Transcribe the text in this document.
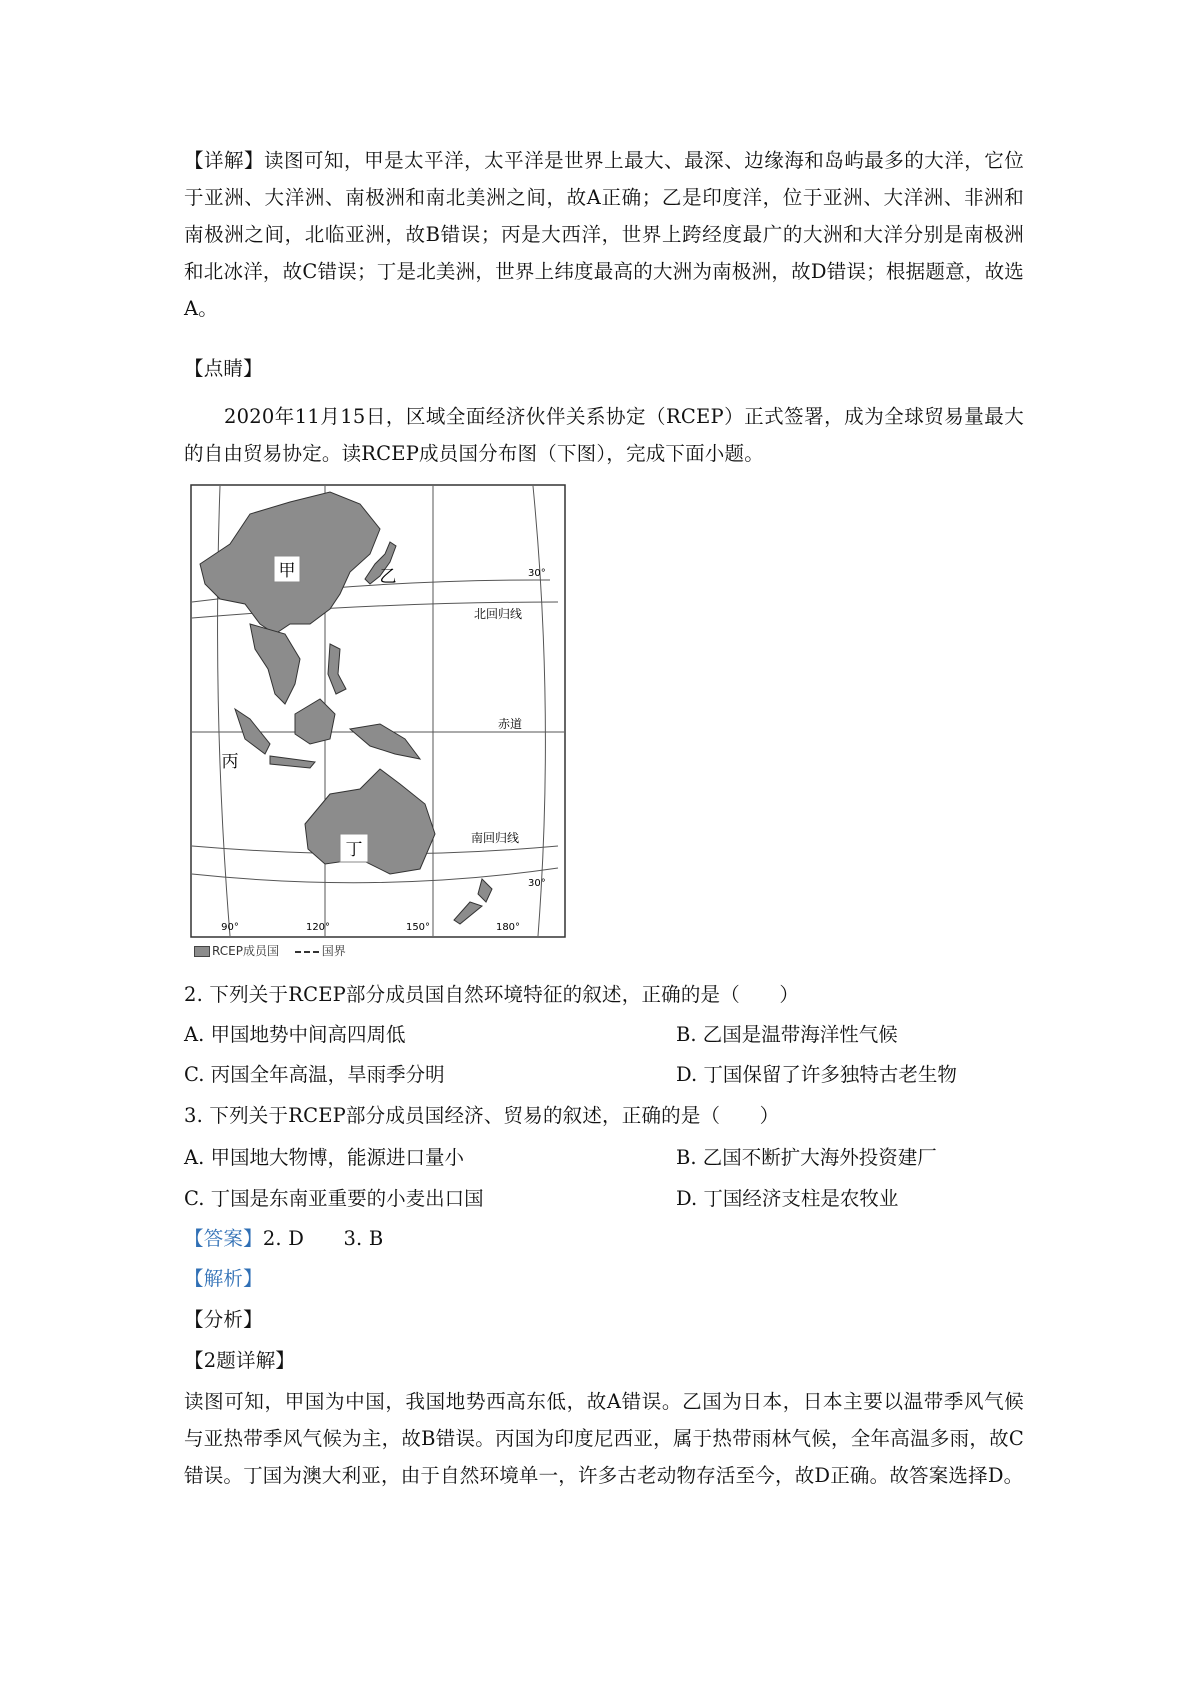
【详解】读图可知，甲是太平洋，太平洋是世界上最大、最深、边缘海和岛屿最多的大洋，它位于亚洲、大洋洲、南极洲和南北美洲之间，故A正确；乙是印度洋，位于亚洲、大洋洲、非洲和南极洲之间，北临亚洲，故B错误；丙是大西洋，世界上跨经度最广的大洲和大洋分别是南极洲和北冰洋，故C错误；丁是北美洲，世界上纬度最高的大洲为南极洲，故D错误；根据题意，故选A。
【点睛】
2020年11月15日，区域全面经济伙伴关系协定（RCEP）正式签署，成为全球贸易量最大的自由贸易协定。读RCEP成员国分布图（下图），完成下面小题。
甲	乙
丙
丁
北回归线
赤道
南回归线
30°
30°
90°	120°	150°	180°
RCEP成员国	国界
2. 下列关于RCEP部分成员国自然环境特征的叙述，正确的是（　　）
A. 甲国地势中间高四周低	B. 乙国是温带海洋性气候
C. 丙国全年高温，旱雨季分明	D. 丁国保留了许多独特古老生物
3. 下列关于RCEP部分成员国经济、贸易的叙述，正确的是（　　）
A. 甲国地大物博，能源进口量小	B. 乙国不断扩大海外投资建厂
C. 丁国是东南亚重要的小麦出口国	D. 丁国经济支柱是农牧业
【答案】2. D　　3. B
【解析】
【分析】
【2题详解】
读图可知，甲国为中国，我国地势西高东低，故A错误。乙国为日本，日本主要以温带季风气候与亚热带季风气候为主，故B错误。丙国为印度尼西亚，属于热带雨林气候，全年高温多雨，故C错误。丁国为澳大利亚，由于自然环境单一，许多古老动物存活至今，故D正确。故答案选择D。
